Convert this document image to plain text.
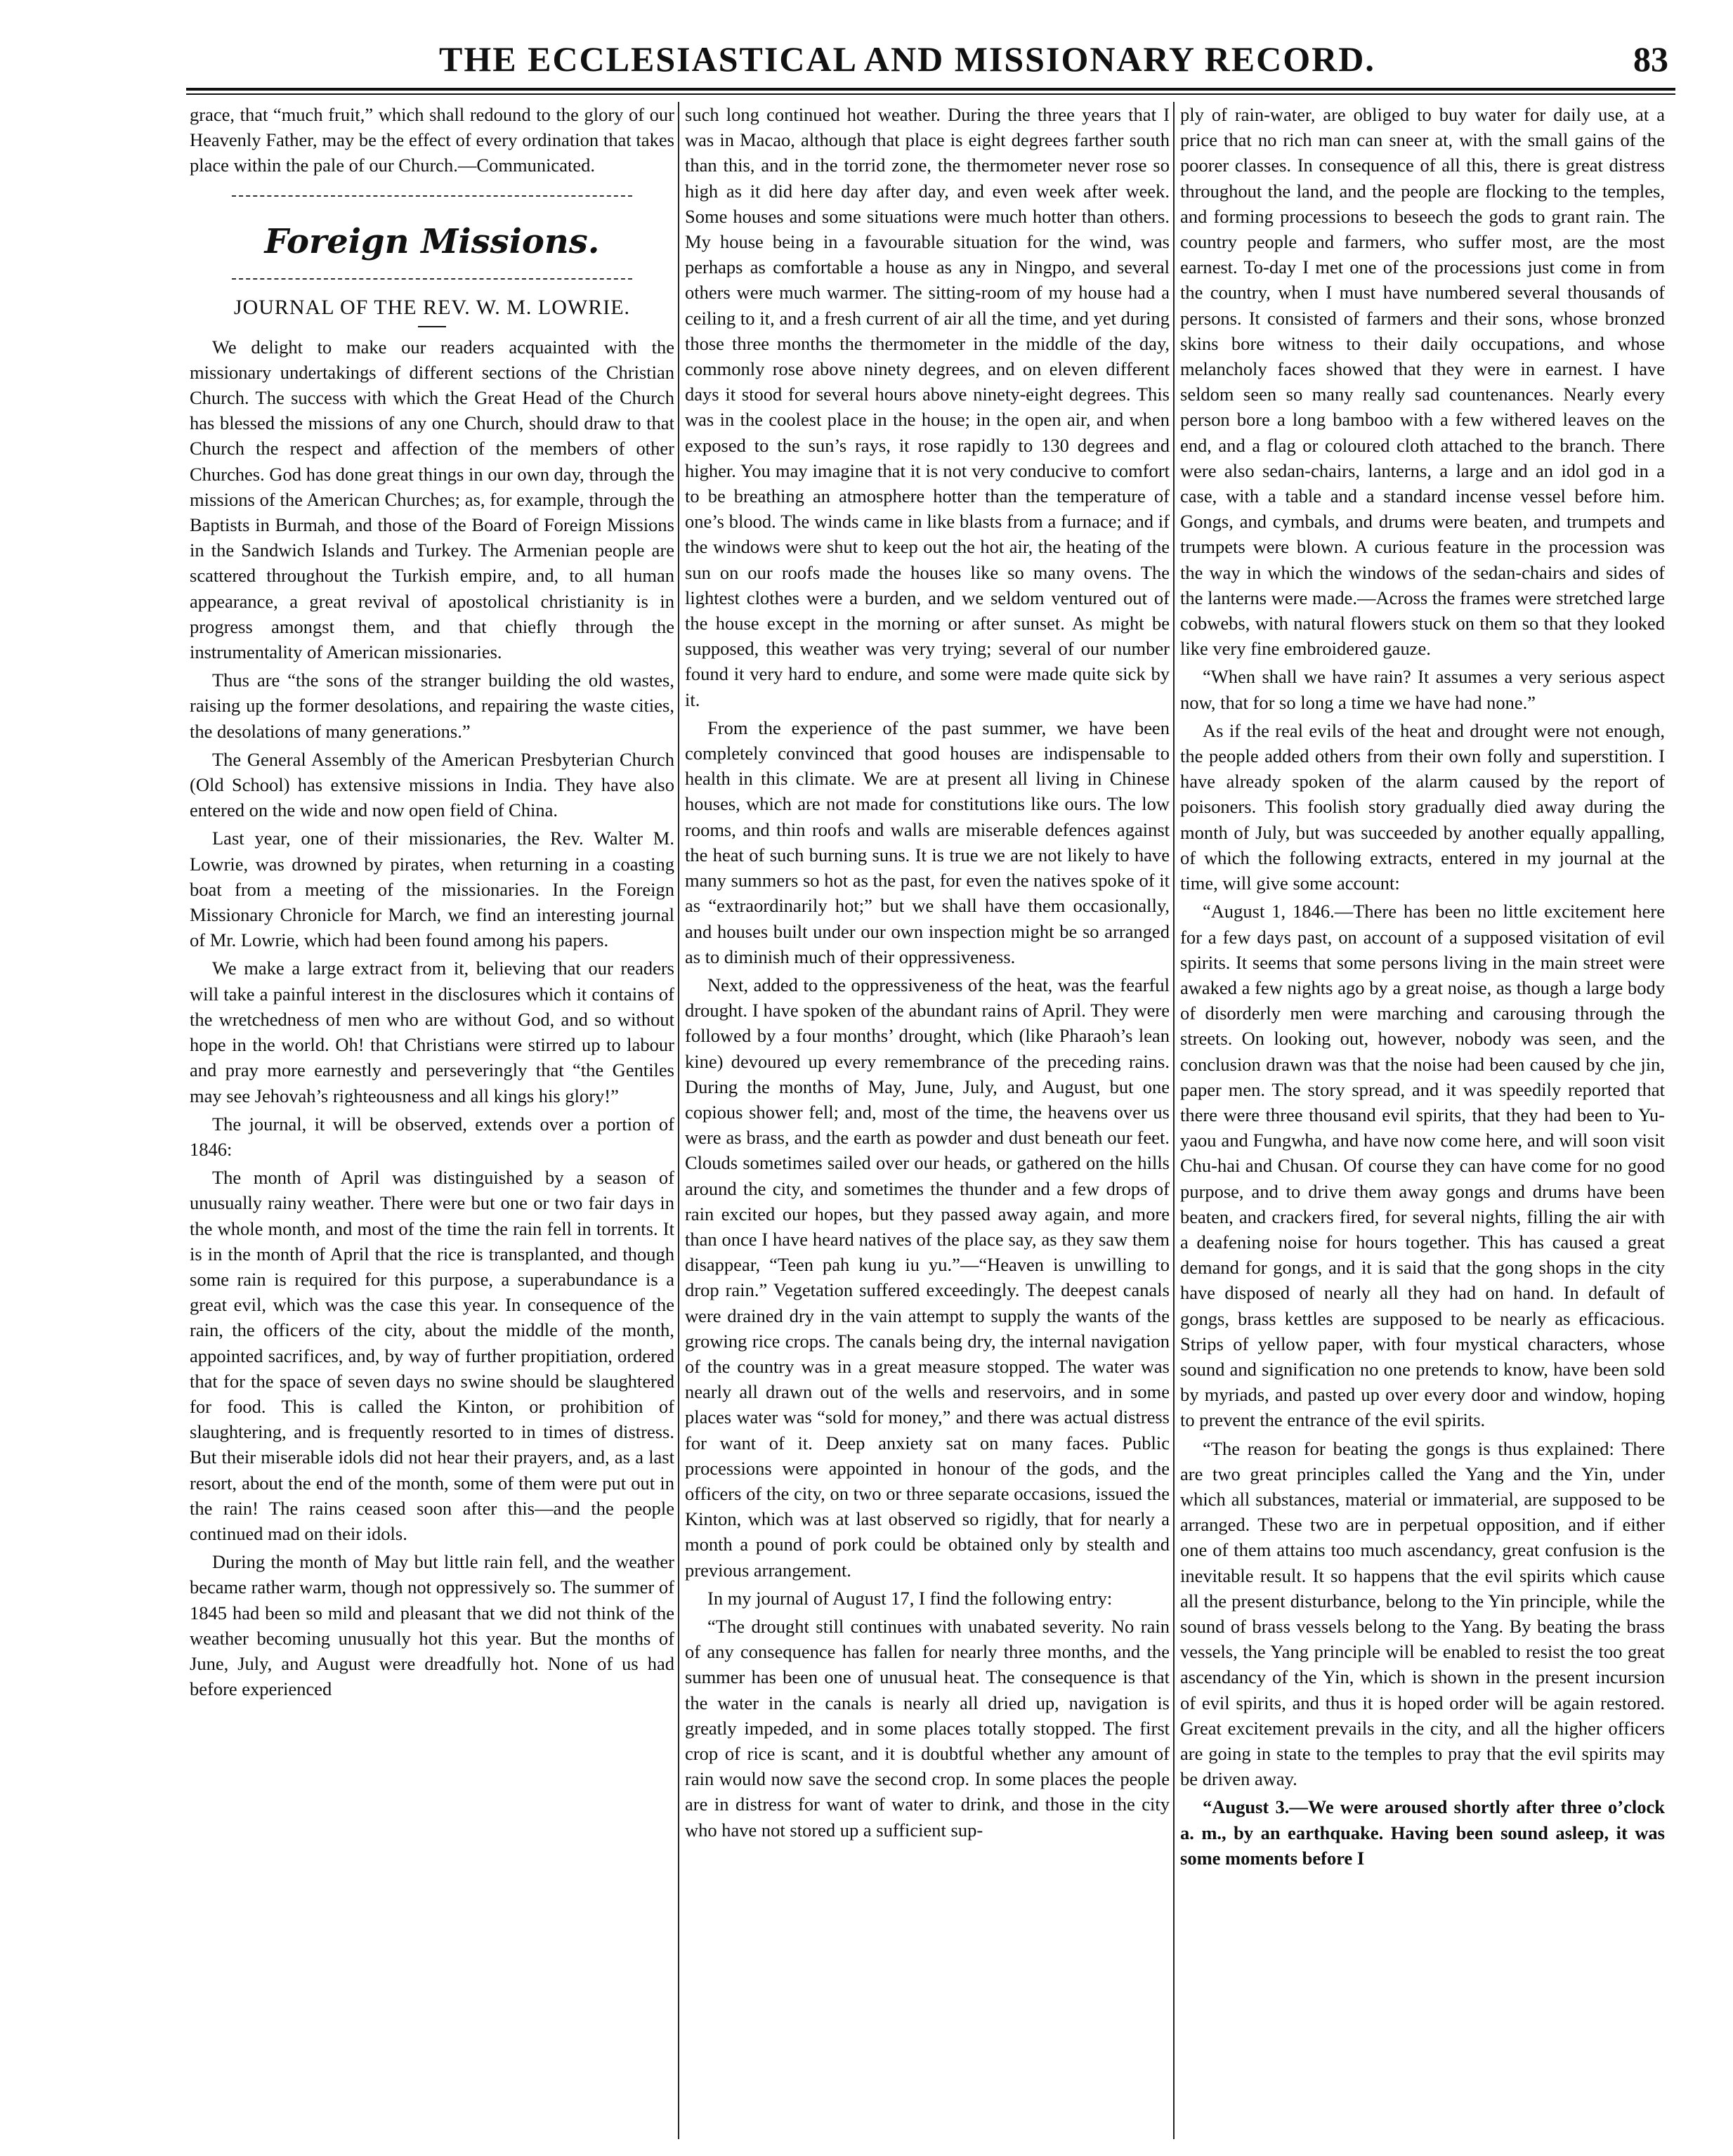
THE ECCLESIASTICAL AND MISSIONARY RECORD.	83

grace, that “much fruit,” which shall redound to the glory of our Heavenly Father, may be the effect of every ordination that takes place within the pale of our Church.—Communicated.

Foreign Missions.
JOURNAL OF THE REV. W. M. LOWRIE.

We delight to make our readers acquainted with the missionary undertakings of different sections of the Christian Church. The success with which the Great Head of the Church has blessed the missions of any one Church, should draw to that Church the respect and affection of the members of other Churches. God has done great things in our own day, through the missions of the American Churches; as, for example, through the Baptists in Burmah, and those of the Board of Foreign Missions in the Sandwich Islands and Turkey. The Armenian people are scattered throughout the Turkish empire, and, to all human appearance, a great revival of apostolical christianity is in progress amongst them, and that chiefly through the instrumentality of American missionaries.

Thus are “the sons of the stranger building the old wastes, raising up the former desolations, and repairing the waste cities, the desolations of many generations.”

The General Assembly of the American Presbyterian Church (Old School) has extensive missions in India. They have also entered on the wide and now open field of China.

Last year, one of their missionaries, the Rev. Walter M. Lowrie, was drowned by pirates, when returning in a coasting boat from a meeting of the missionaries. In the Foreign Missionary Chronicle for March, we find an interesting journal of Mr. Lowrie, which had been found among his papers.

We make a large extract from it, believing that our readers will take a painful interest in the disclosures which it contains of the wretchedness of men who are without God, and so without hope in the world. Oh! that Christians were stirred up to labour and pray more earnestly and perseveringly that “the Gentiles may see Jehovah’s righteousness and all kings his glory!”

The journal, it will be observed, extends over a portion of 1846:

The month of April was distinguished by a season of unusually rainy weather. There were but one or two fair days in the whole month, and most of the time the rain fell in torrents. It is in the month of April that the rice is transplanted, and though some rain is required for this purpose, a superabundance is a great evil, which was the case this year. In consequence of the rain, the officers of the city, about the middle of the month, appointed sacrifices, and, by way of further propitiation, ordered that for the space of seven days no swine should be slaughtered for food. This is called the Kinton, or prohibition of slaughtering, and is frequently resorted to in times of distress. But their miserable idols did not hear their prayers, and, as a last resort, about the end of the month, some of them were put out in the rain! The rains ceased soon after this—and the people continued mad on their idols.

During the month of May but little rain fell, and the weather became rather warm, though not oppressively so. The summer of 1845 had been so mild and pleasant that we did not think of the weather becoming unusually hot this year. But the months of June, July, and August were dreadfully hot. None of us had before experienced

such long continued hot weather. During the three years that I was in Macao, although that place is eight degrees farther south than this, and in the torrid zone, the thermometer never rose so high as it did here day after day, and even week after week. Some houses and some situations were much hotter than others. My house being in a favourable situation for the wind, was perhaps as comfortable a house as any in Ningpo, and several others were much warmer. The sitting-room of my house had a ceiling to it, and a fresh current of air all the time, and yet during those three months the thermometer in the middle of the day, commonly rose above ninety degrees, and on eleven different days it stood for several hours above ninety-eight degrees. This was in the coolest place in the house; in the open air, and when exposed to the sun’s rays, it rose rapidly to 130 degrees and higher. You may imagine that it is not very conducive to comfort to be breathing an atmosphere hotter than the temperature of one’s blood. The winds came in like blasts from a furnace; and if the windows were shut to keep out the hot air, the heating of the sun on our roofs made the houses like so many ovens. The lightest clothes were a burden, and we seldom ventured out of the house except in the morning or after sunset. As might be supposed, this weather was very trying; several of our number found it very hard to endure, and some were made quite sick by it.

From the experience of the past summer, we have been completely convinced that good houses are indispensable to health in this climate. We are at present all living in Chinese houses, which are not made for constitutions like ours. The low rooms, and thin roofs and walls are miserable defences against the heat of such burning suns. It is true we are not likely to have many summers so hot as the past, for even the natives spoke of it as “extraordinarily hot;” but we shall have them occasionally, and houses built under our own inspection might be so arranged as to diminish much of their oppressiveness.

Next, added to the oppressiveness of the heat, was the fearful drought. I have spoken of the abundant rains of April. They were followed by a four months’ drought, which (like Pharaoh’s lean kine) devoured up every remembrance of the preceding rains. During the months of May, June, July, and August, but one copious shower fell; and, most of the time, the heavens over us were as brass, and the earth as powder and dust beneath our feet. Clouds sometimes sailed over our heads, or gathered on the hills around the city, and sometimes the thunder and a few drops of rain excited our hopes, but they passed away again, and more than once I have heard natives of the place say, as they saw them disappear, “Teen pah kung iu yu.”—“Heaven is unwilling to drop rain.” Vegetation suffered exceedingly. The deepest canals were drained dry in the vain attempt to supply the wants of the growing rice crops. The canals being dry, the internal navigation of the country was in a great measure stopped. The water was nearly all drawn out of the wells and reservoirs, and in some places water was “sold for money,” and there was actual distress for want of it. Deep anxiety sat on many faces. Public processions were appointed in honour of the gods, and the officers of the city, on two or three separate occasions, issued the Kinton, which was at last observed so rigidly, that for nearly a month a pound of pork could be obtained only by stealth and previous arrangement.

In my journal of August 17, I find the following entry:

“The drought still continues with unabated severity. No rain of any consequence has fallen for nearly three months, and the summer has been one of unusual heat. The consequence is that the water in the canals is nearly all dried up, navigation is greatly impeded, and in some places totally stopped. The first crop of rice is scant, and it is doubtful whether any amount of rain would now save the second crop. In some places the people are in distress for want of water to drink, and those in the city who have not stored up a sufficient sup-

ply of rain-water, are obliged to buy water for daily use, at a price that no rich man can sneer at, with the small gains of the poorer classes. In consequence of all this, there is great distress throughout the land, and the people are flocking to the temples, and forming processions to beseech the gods to grant rain. The country people and farmers, who suffer most, are the most earnest. To-day I met one of the processions just come in from the country, when I must have numbered several thousands of persons. It consisted of farmers and their sons, whose bronzed skins bore witness to their daily occupations, and whose melancholy faces showed that they were in earnest. I have seldom seen so many really sad countenances. Nearly every person bore a long bamboo with a few withered leaves on the end, and a flag or coloured cloth attached to the branch. There were also sedan-chairs, lanterns, a large and an idol god in a case, with a table and a standard incense vessel before him. Gongs, and cymbals, and drums were beaten, and trumpets and trumpets were blown. A curious feature in the procession was the way in which the windows of the sedan-chairs and sides of the lanterns were made.—Across the frames were stretched large cobwebs, with natural flowers stuck on them so that they looked like very fine embroidered gauze.

“When shall we have rain? It assumes a very serious aspect now, that for so long a time we have had none.”

As if the real evils of the heat and drought were not enough, the people added others from their own folly and superstition. I have already spoken of the alarm caused by the report of poisoners. This foolish story gradually died away during the month of July, but was succeeded by another equally appalling, of which the following extracts, entered in my journal at the time, will give some account:

“August 1, 1846.—There has been no little excitement here for a few days past, on account of a supposed visitation of evil spirits. It seems that some persons living in the main street were awaked a few nights ago by a great noise, as though a large body of disorderly men were marching and carousing through the streets. On looking out, however, nobody was seen, and the conclusion drawn was that the noise had been caused by che jin, paper men. The story spread, and it was speedily reported that there were three thousand evil spirits, that they had been to Yu-yaou and Fungwha, and have now come here, and will soon visit Chu-hai and Chusan. Of course they can have come for no good purpose, and to drive them away gongs and drums have been beaten, and crackers fired, for several nights, filling the air with a deafening noise for hours together. This has caused a great demand for gongs, and it is said that the gong shops in the city have disposed of nearly all they had on hand. In default of gongs, brass kettles are supposed to be nearly as efficacious. Strips of yellow paper, with four mystical characters, whose sound and signification no one pretends to know, have been sold by myriads, and pasted up over every door and window, hoping to prevent the entrance of the evil spirits.

“The reason for beating the gongs is thus explained: There are two great principles called the Yang and the Yin, under which all substances, material or immaterial, are supposed to be arranged. These two are in perpetual opposition, and if either one of them attains too much ascendancy, great confusion is the inevitable result. It so happens that the evil spirits which cause all the present disturbance, belong to the Yin principle, while the sound of brass vessels belong to the Yang. By beating the brass vessels, the Yang principle will be enabled to resist the too great ascendancy of the Yin, which is shown in the present incursion of evil spirits, and thus it is hoped order will be again restored. Great excitement prevails in the city, and all the higher officers are going in state to the temples to pray that the evil spirits may be driven away.

“August 3.—We were aroused shortly after three o’clock a. m., by an earthquake. Having been sound asleep, it was some moments before I
